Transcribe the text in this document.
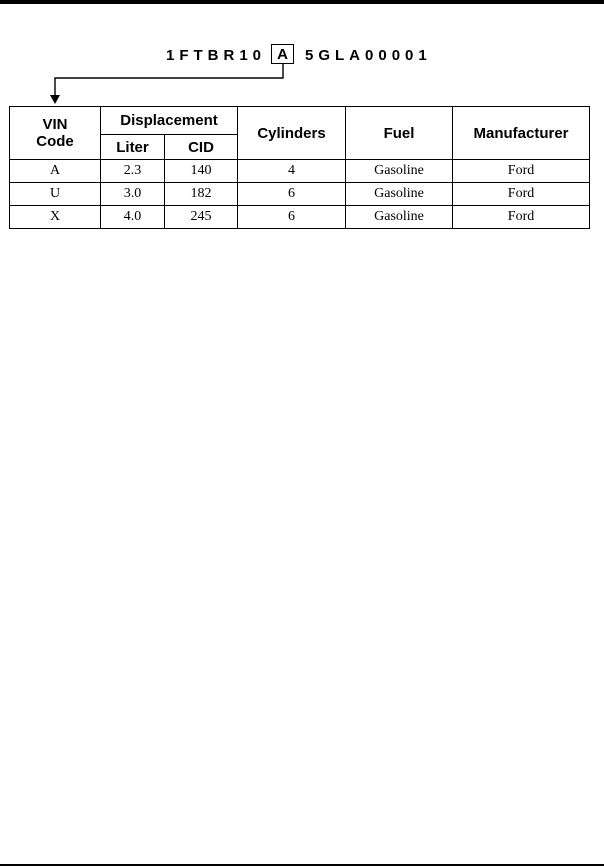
1FTBR10 A	5GLA00001
VIN
Code	Displacement		Cylinders	Fuel	Manufacturer
	Liter	CID			
A	2.3	140	4	Gasoline	Ford
U	3.0	182	6	Gasoline	Ford
X	4.0	245	6	Gasoline	Ford
